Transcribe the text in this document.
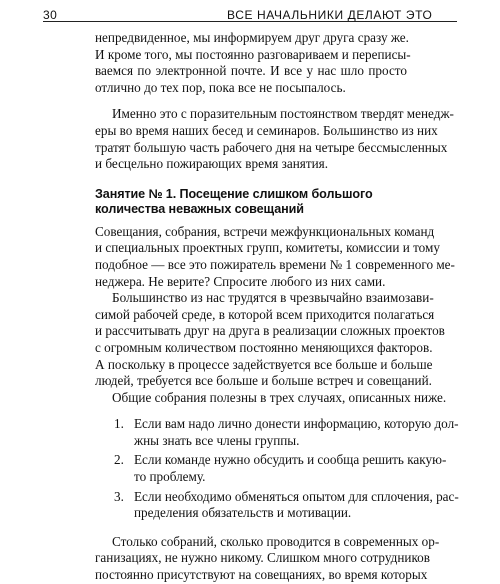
30	ВСЕ НАЧАЛЬНИКИ ДЕЛАЮТ ЭТО

непредвиденное, мы информируем друг друга сразу же.
И кроме того, мы постоянно разговариваем и переписы-
ваемся по электронной почте. И все у нас шло просто
отлично до тех пор, пока все не посыпалось.

Именно это с поразительным постоянством твердят менедж-
еры во время наших бесед и семинаров. Большинство из них
тратят большую часть рабочего дня на четыре бессмысленных
и бесцельно пожирающих время занятия.

Занятие № 1. Посещение слишком большого
количества неважных совещаний

Совещания, собрания, встречи межфункциональных команд
и специальных проектных групп, комитеты, комиссии и тому
подобное — все это пожиратель времени № 1 современного ме-
неджера. Не верите? Спросите любого из них сами.

Большинство из нас трудятся в чрезвычайно взаимозави-
симой рабочей среде, в которой всем приходится полагаться
и рассчитывать друг на друга в реализации сложных проектов
с огромным количеством постоянно меняющихся факторов.
А поскольку в процессе задействуется все больше и больше
людей, требуется все больше и больше встреч и совещаний.

Общие собрания полезны в трех случаях, описанных ниже.

1. Если вам надо лично донести информацию, которую дол-
жны знать все члены группы.
2. Если команде нужно обсудить и сообща решить какую-
то проблему.
3. Если необходимо обменяться опытом для сплочения, рас-
пределения обязательств и мотивации.

Столько собраний, сколько проводится в современных ор-
ганизациях, не нужно никому. Слишком много сотрудников
постоянно присутствуют на совещаниях, во время которых
